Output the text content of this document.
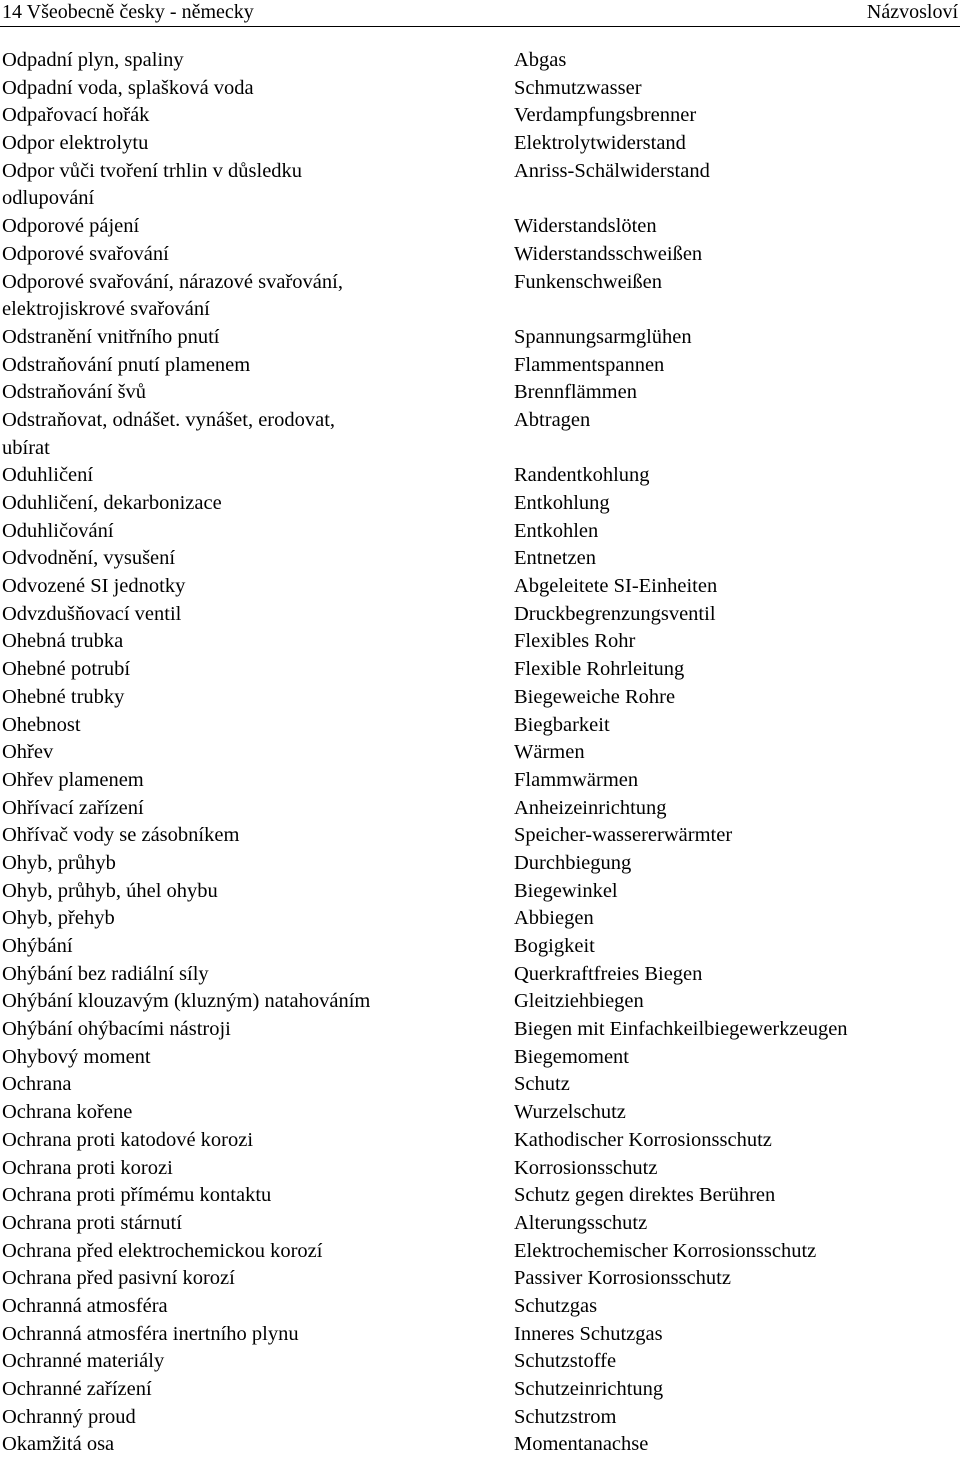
14 Všeobecně česky - německy	Názvosloví
Odpadní plyn, spaliny	Abgas
Odpadní voda, splašková voda	Schmutzwasser
Odpařovací hořák	Verdampfungsbrenner
Odpor elektrolytu	Elektrolytwiderstand
Odpor vůči tvoření trhlin v důsledku	Anriss-Schälwiderstand
odlupování
Odporové pájení	Widerstandslöten
Odporové svařování	Widerstandsschweißen
Odporové svařování, nárazové svařování,	Funkenschweißen
elektrojiskrové svařování
Odstranění vnitřního pnutí	Spannungsarmglühen
Odstraňování pnutí plamenem	Flammentspannen
Odstraňování švů	Brennflämmen
Odstraňovat, odnášet. vynášet, erodovat,	Abtragen
ubírat
Oduhličení	Randentkohlung
Oduhličení, dekarbonizace	Entkohlung
Oduhličování	Entkohlen
Odvodnění, vysušení	Entnetzen
Odvozené SI jednotky	Abgeleitete SI-Einheiten
Odvzdušňovací ventil	Druckbegrenzungsventil
Ohebná trubka	Flexibles Rohr
Ohebné potrubí	Flexible Rohrleitung
Ohebné trubky	Biegeweiche Rohre
Ohebnost	Biegbarkeit
Ohřev	Wärmen
Ohřev plamenem	Flammwärmen
Ohřívací zařízení	Anheizeinrichtung
Ohřívač vody se zásobníkem	Speicher-wassererwärmter
Ohyb, průhyb	Durchbiegung
Ohyb, průhyb, úhel ohybu	Biegewinkel
Ohyb, přehyb	Abbiegen
Ohýbání	Bogigkeit
Ohýbání bez radiální síly	Querkraftfreies Biegen
Ohýbání klouzavým (kluzným) natahováním	Gleitziehbiegen
Ohýbání ohýbacími nástroji	Biegen mit Einfachkeilbiegewerkzeugen
Ohybový moment	Biegemoment
Ochrana	Schutz
Ochrana kořene	Wurzelschutz
Ochrana proti katodové korozi	Kathodischer Korrosionsschutz
Ochrana proti korozi	Korrosionsschutz
Ochrana proti přímému kontaktu	Schutz gegen direktes Berühren
Ochrana proti stárnutí	Alterungsschutz
Ochrana před elektrochemickou korozí	Elektrochemischer Korrosionsschutz
Ochrana před pasivní korozí	Passiver Korrosionsschutz
Ochranná atmosféra	Schutzgas
Ochranná atmosféra inertního plynu	Inneres Schutzgas
Ochranné materiály	Schutzstoffe
Ochranné zařízení	Schutzeinrichtung
Ochranný proud	Schutzstrom
Okamžitá osa	Momentanachse
